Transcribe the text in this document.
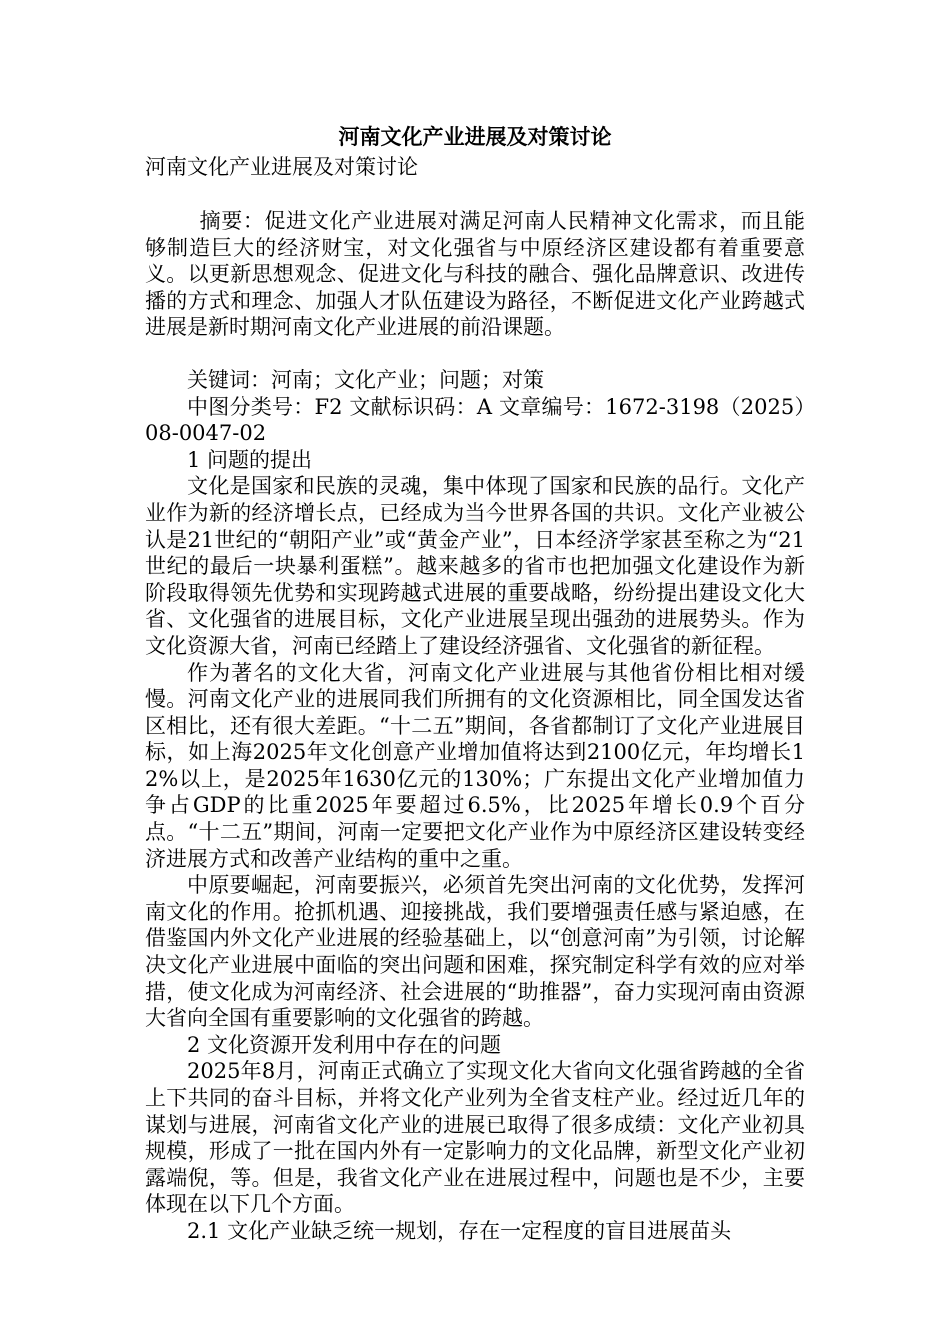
河南文化产业进展及对策讨论

河南文化产业进展及对策讨论

摘要：促进文化产业进展对满足河南人民精神文化需求，而且能够制造巨大的经济财宝，对文化强省与中原经济区建设都有着重要意义。以更新思想观念、促进文化与科技的融合、强化品牌意识、改进传播的方式和理念、加强人才队伍建设为路径，不断促进文化产业跨越式进展是新时期河南文化产业进展的前沿课题。

关键词：河南；文化产业；问题；对策

中图分类号：F2 文献标识码：A 文章编号：1672-3198（2025）08-0047-02

1 问题的提出

文化是国家和民族的灵魂，集中体现了国家和民族的品行。文化产业作为新的经济增长点，已经成为当今世界各国的共识。文化产业被公认是21世纪的“朝阳产业”或“黄金产业”，日本经济学家甚至称之为“21世纪的最后一块暴利蛋糕”。越来越多的省市也把加强文化建设作为新阶段取得领先优势和实现跨越式进展的重要战略，纷纷提出建设文化大省、文化强省的进展目标，文化产业进展呈现出强劲的进展势头。作为文化资源大省，河南已经踏上了建设经济强省、文化强省的新征程。

作为著名的文化大省，河南文化产业进展与其他省份相比相对缓慢。河南文化产业的进展同我们所拥有的文化资源相比，同全国发达省区相比，还有很大差距。“十二五”期间，各省都制订了文化产业进展目标，如上海2025年文化创意产业增加值将达到2100亿元，年均增长12%以上，是2025年1630亿元的130%；广东提出文化产业增加值力争占GDP的比重2025年要超过6.5%，比2025年增长0.9个百分点。“十二五”期间，河南一定要把文化产业作为中原经济区建设转变经济进展方式和改善产业结构的重中之重。

中原要崛起，河南要振兴，必须首先突出河南的文化优势，发挥河南文化的作用。抢抓机遇、迎接挑战，我们要增强责任感与紧迫感，在借鉴国内外文化产业进展的经验基础上，以“创意河南”为引领，讨论解决文化产业进展中面临的突出问题和困难，探究制定科学有效的应对举措，使文化成为河南经济、社会进展的“助推器”，奋力实现河南由资源大省向全国有重要影响的文化强省的跨越。

2 文化资源开发利用中存在的问题

2025年8月，河南正式确立了实现文化大省向文化强省跨越的全省上下共同的奋斗目标，并将文化产业列为全省支柱产业。经过近几年的谋划与进展，河南省文化产业的进展已取得了很多成绩：文化产业初具规模，形成了一批在国内外有一定影响力的文化品牌，新型文化产业初露端倪，等。但是，我省文化产业在进展过程中，问题也是不少，主要体现在以下几个方面。

2.1 文化产业缺乏统一规划，存在一定程度的盲目进展苗头
